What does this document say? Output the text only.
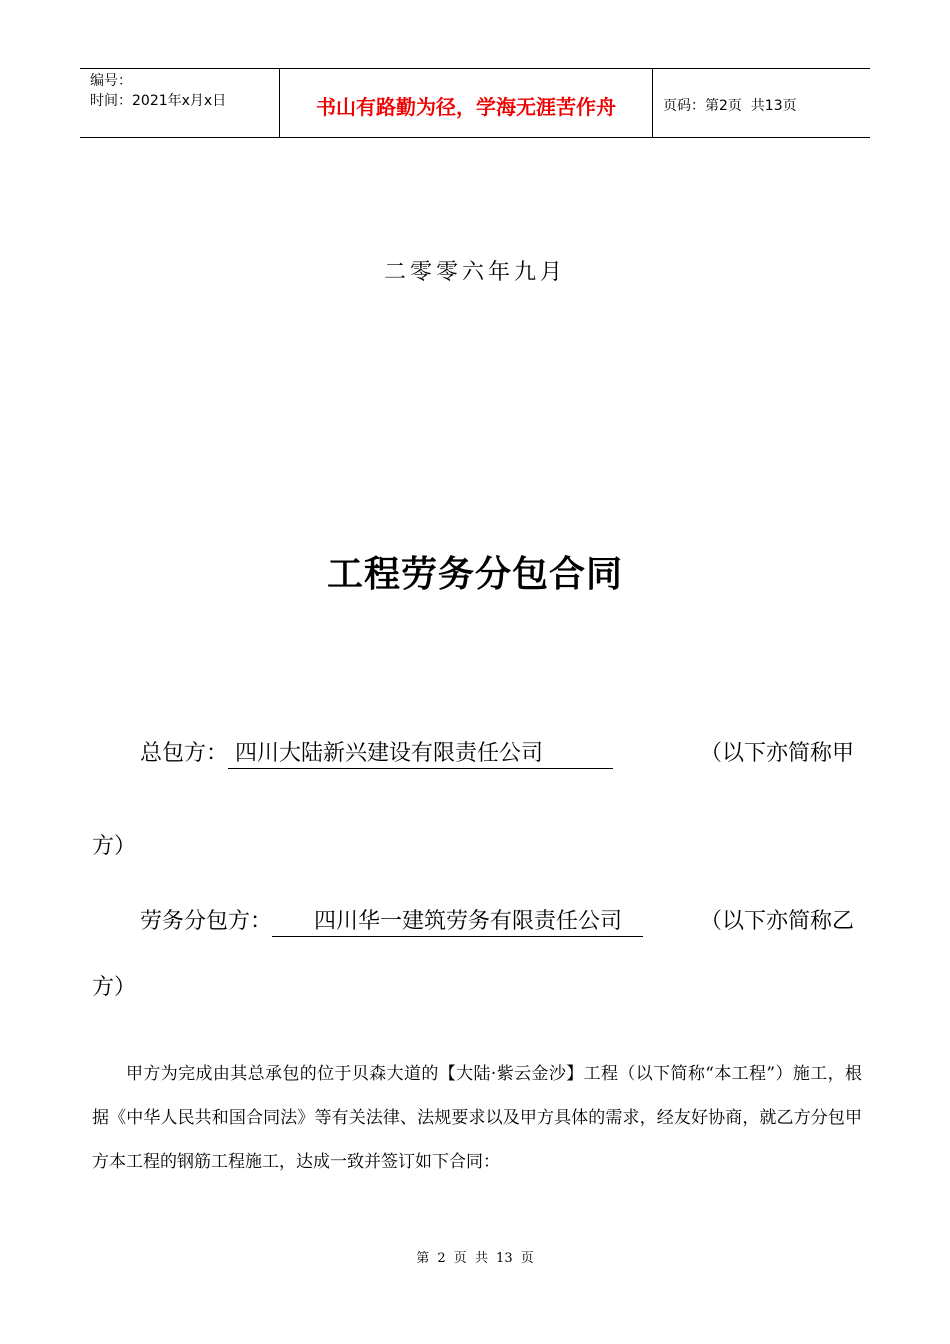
编号：
时间：2021年x月x日	书山有路勤为径，学海无涯苦作舟	页码：第2页  共13页
二零零六年九月
工程劳务分包合同
总包方： 四川大陆新兴建设有限责任公司	（以下亦简称甲
方）
劳务分包方：      四川华一建筑劳务有限责任公司	（以下亦简称乙
方）
甲方为完成由其总承包的位于贝森大道的【大陆·紫云金沙】工程（以下简称“本工程”）施工，根据《中华人民共和国合同法》等有关法律、法规要求以及甲方具体的需求，经友好协商，就乙方分包甲方本工程的钢筋工程施工，达成一致并签订如下合同：
第 2 页 共 13 页
